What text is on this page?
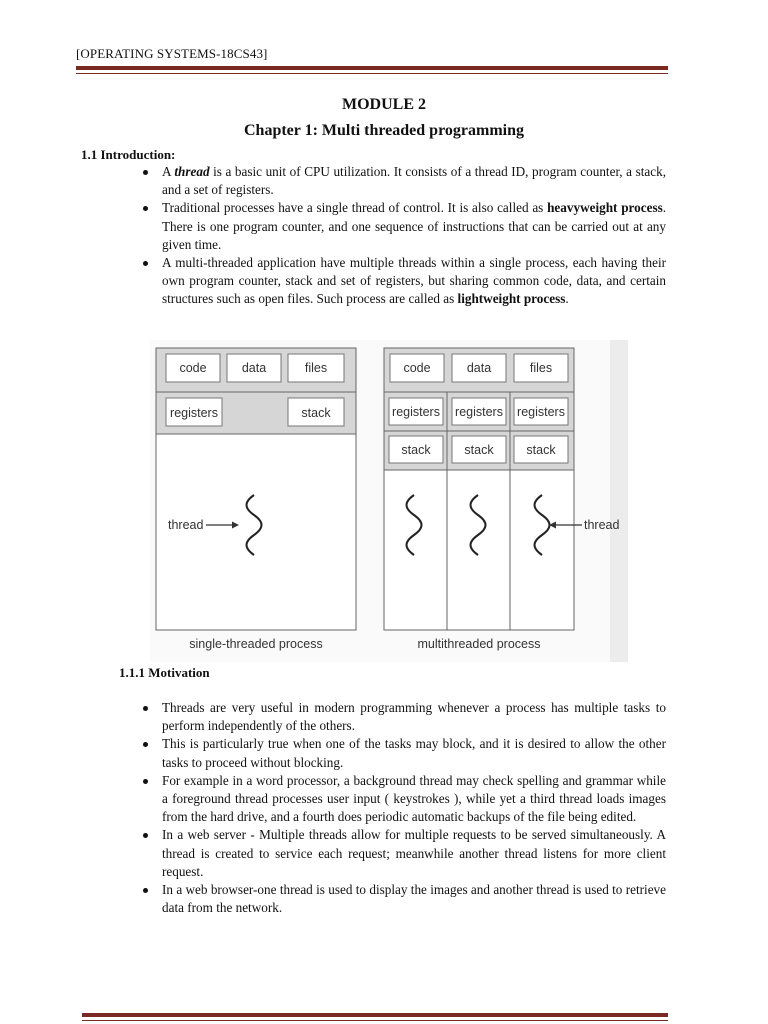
[OPERATING SYSTEMS-18CS43]
MODULE 2
Chapter 1: Multi threaded programming
1.1 Introduction:
A thread is a basic unit of CPU utilization. It consists of a thread ID, program counter, a stack, and a set of registers.
Traditional processes have a single thread of control. It is also called as heavyweight process. There is one program counter, and one sequence of instructions that can be carried out at any given time.
A multi-threaded application have multiple threads within a single process, each having their own program counter, stack and set of registers, but sharing common code, data, and certain structures such as open files. Such process are called as lightweight process.
code	data	files
registers	stack
thread
single-threaded process
code	data	files
registers registers registers
stack	stack	stack
thread
multithreaded process
1.1.1 Motivation
Threads are very useful in modern programming whenever a process has multiple tasks to perform independently of the others.
This is particularly true when one of the tasks may block, and it is desired to allow the other tasks to proceed without blocking.
For example in a word processor, a background thread may check spelling and grammar while a foreground thread processes user input ( keystrokes ), while yet a third thread loads images from the hard drive, and a fourth does periodic automatic backups of the file being edited.
In a web server - Multiple threads allow for multiple requests to be served simultaneously. A thread is created to service each request; meanwhile another thread listens for more client request.
In a web browser-one thread is used to display the images and another thread is used to retrieve data from the network.
